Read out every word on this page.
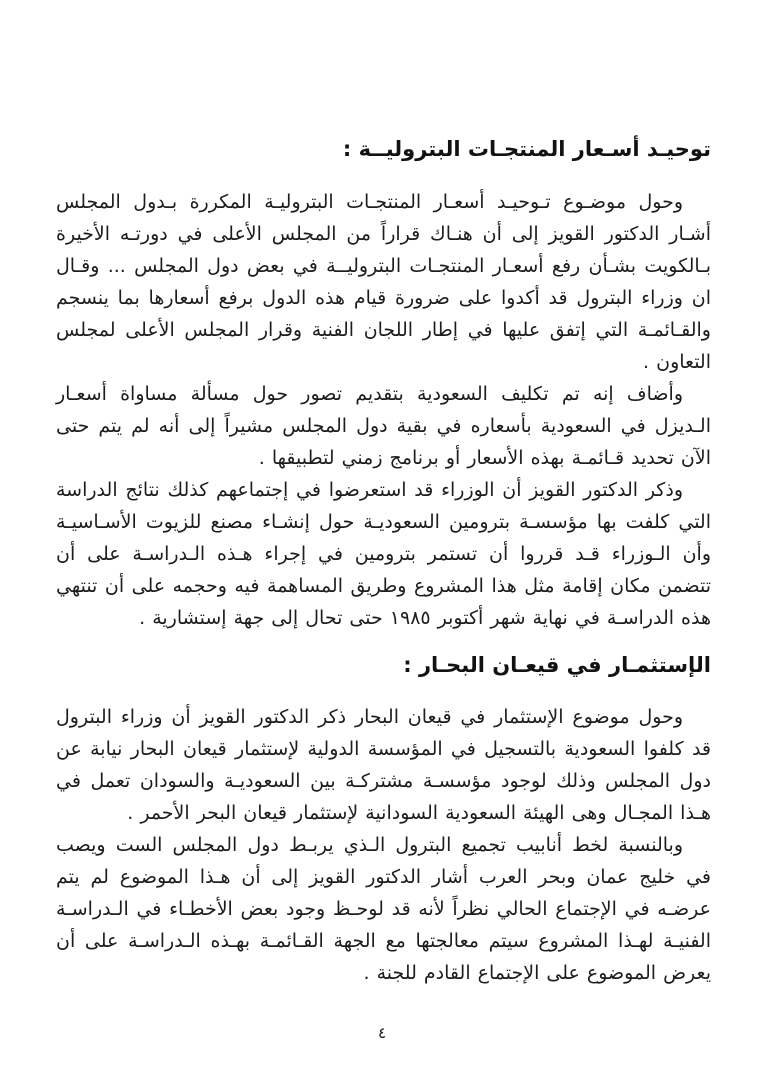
توحيـد أسـعار المنتجـات البتروليــة :

وحول موضـوع تـوحيـد أسعـار المنتجـات البتروليـة المكررة بـدول المجلس أشـار الدكتور القويز إلى أن هنـاك قراراً من المجلس الأعلى في دورتـه الأخيرة بـالكويت بشـأن رفع أسعـار المنتجـات البتروليــة في بعض دول المجلس ... وقـال ان وزراء البترول قد أكدوا على ضرورة قيام هذه الدول برفع أسعارها بما ينسجم والقـائمـة التي إتفق عليها في إطار اللجان الفنية وقرار المجلس الأعلى لمجلس التعاون .

وأضاف إنه تم تكليف السعودية بتقديم تصور حول مسألة مساواة أسعـار الـديزل في السعودية بأسعاره في بقية دول المجلس مشيراً إلى أنه لم يتم حتى الآن تحديد قـائمـة بهذه الأسعار أو برنامج زمني لتطبيقها .

وذكر الدكتور القويز أن الوزراء قد استعرضوا في إجتماعهم كذلك نتائج الدراسة التي كلفت بها مؤسسـة بترومين السعوديـة حول إنشـاء مصنع للزيوت الأسـاسيـة وأن الـوزراء قـد قرروا أن تستمر بترومين في إجراء هـذه الـدراسـة على أن تتضمن مكان إقامة مثل هذا المشروع وطريق المساهمة فيه وحجمه على أن تنتهي هذه الدراسـة في نهاية شهر أكتوبر ١٩٨٥ حتى تحال إلى جهة إستشارية .

الإستثمـار في قيعـان البحـار :

وحول موضوع الإستثمار في قيعان البحار ذكر الدكتور القويز أن وزراء البترول قد كلفوا السعودية بالتسجيل في المؤسسة الدولية لإستثمار قيعان البحار نيابة عن دول المجلس وذلك لوجود مؤسسـة مشتركـة بين السعوديـة والسودان تعمل في هـذا المجـال وهى الهيئة السعودية السودانية لإستثمار قيعان البحر الأحمر .

وبالنسبة لخط أنابيب تجميع البترول الـذي يربـط دول المجلس الست ويصب في خليج عمان وبحر العرب أشار الدكتور القويز إلى أن هـذا الموضوع لم يتم عرضـه في الإجتماع الحالي نظراً لأنه قد لوحـظ وجود بعض الأخطـاء في الـدراسـة الفنيـة لهـذا المشروع سيتم معالجتها مع الجهة القـائمـة بهـذه الـدراسـة على أن يعرض الموضوع على الإجتماع القادم للجنة .

٤
